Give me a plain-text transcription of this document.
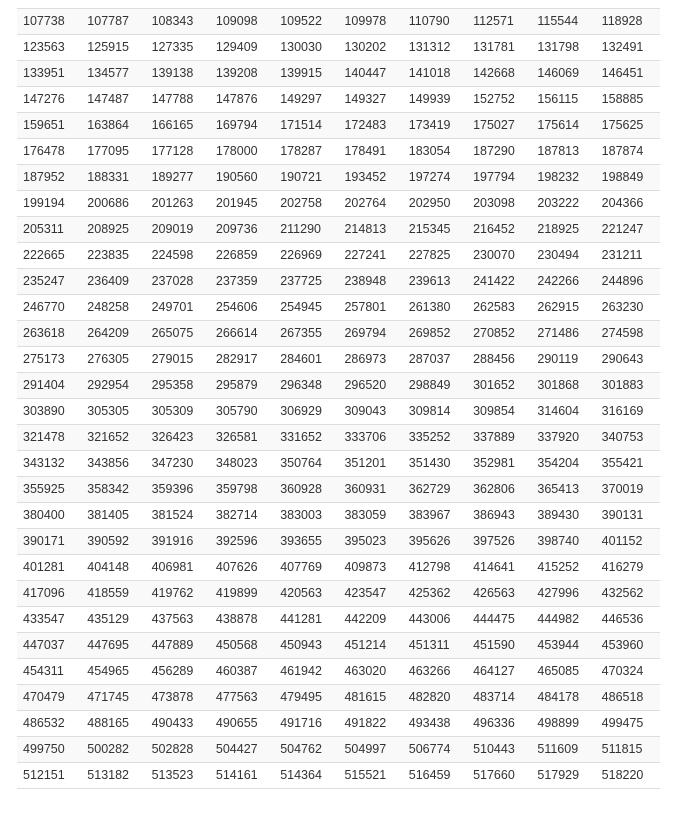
107738	107787	108343	109098	109522	109978	110790	112571	115544	118928
123563	125915	127335	129409	130030	130202	131312	131781	131798	132491
133951	134577	139138	139208	139915	140447	141018	142668	146069	146451
147276	147487	147788	147876	149297	149327	149939	152752	156115	158885
159651	163864	166165	169794	171514	172483	173419	175027	175614	175625
176478	177095	177128	178000	178287	178491	183054	187290	187813	187874
187952	188331	189277	190560	190721	193452	197274	197794	198232	198849
199194	200686	201263	201945	202758	202764	202950	203098	203222	204366
205311	208925	209019	209736	211290	214813	215345	216452	218925	221247
222665	223835	224598	226859	226969	227241	227825	230070	230494	231211
235247	236409	237028	237359	237725	238948	239613	241422	242266	244896
246770	248258	249701	254606	254945	257801	261380	262583	262915	263230
263618	264209	265075	266614	267355	269794	269852	270852	271486	274598
275173	276305	279015	282917	284601	286973	287037	288456	290119	290643
291404	292954	295358	295879	296348	296520	298849	301652	301868	301883
303890	305305	305309	305790	306929	309043	309814	309854	314604	316169
321478	321652	326423	326581	331652	333706	335252	337889	337920	340753
343132	343856	347230	348023	350764	351201	351430	352981	354204	355421
355925	358342	359396	359798	360928	360931	362729	362806	365413	370019
380400	381405	381524	382714	383003	383059	383967	386943	389430	390131
390171	390592	391916	392596	393655	395023	395626	397526	398740	401152
401281	404148	406981	407626	407769	409873	412798	414641	415252	416279
417096	418559	419762	419899	420563	423547	425362	426563	427996	432562
433547	435129	437563	438878	441281	442209	443006	444475	444982	446536
447037	447695	447889	450568	450943	451214	451311	451590	453944	453960
454311	454965	456289	460387	461942	463020	463266	464127	465085	470324
470479	471745	473878	477563	479495	481615	482820	483714	484178	486518
486532	488165	490433	490655	491716	491822	493438	496336	498899	499475
499750	500282	502828	504427	504762	504997	506774	510443	511609	511815
512151	513182	513523	514161	514364	515521	516459	517660	517929	518220
